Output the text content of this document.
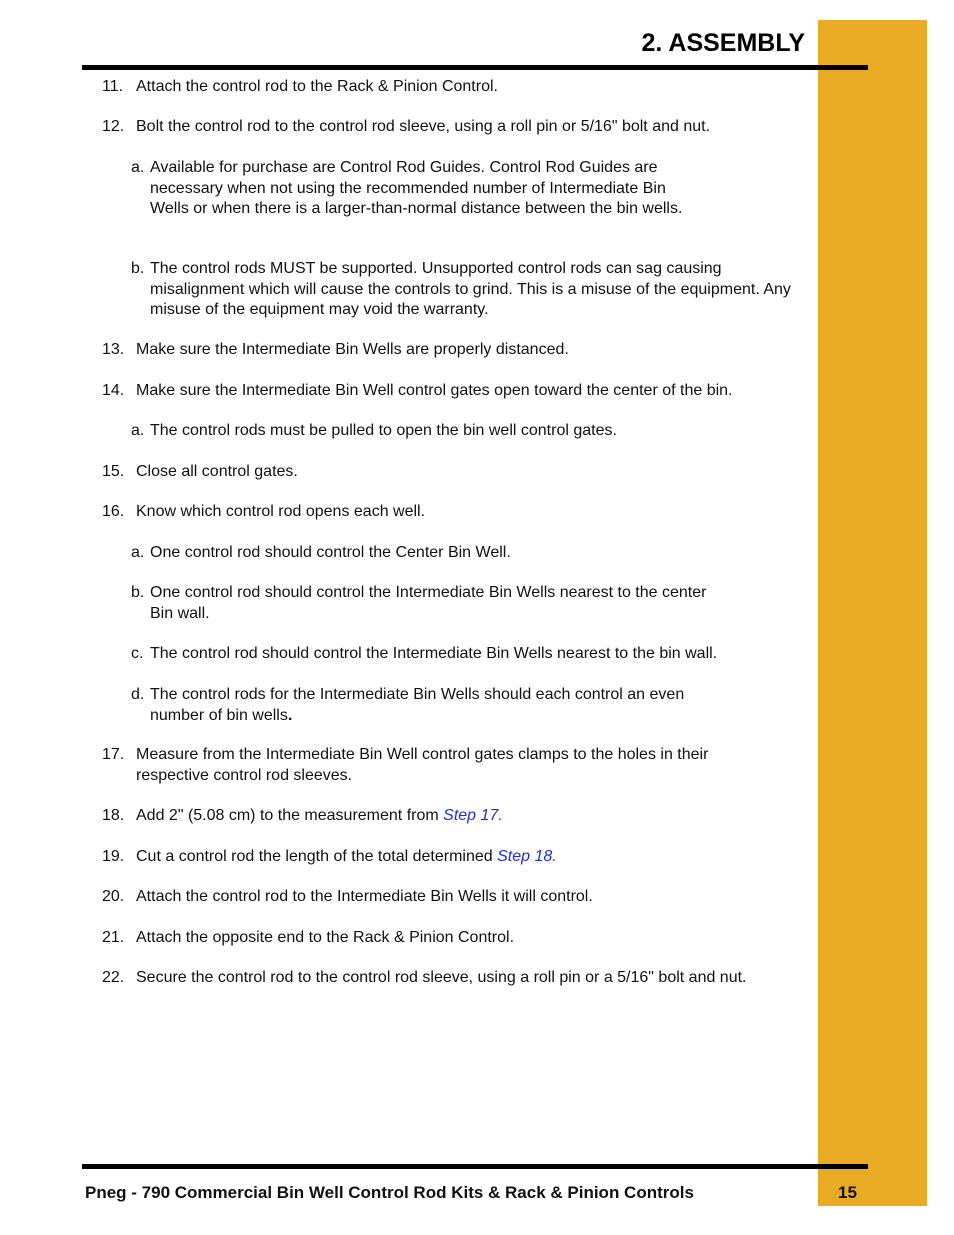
2. ASSEMBLY

11. Attach the control rod to the Rack & Pinion Control.

12. Bolt the control rod to the control rod sleeve, using a roll pin or 5/16" bolt and nut.

a. Available for purchase are Control Rod Guides. Control Rod Guides are necessary when not using the recommended number of Intermediate Bin Wells or when there is a larger-than-normal distance between the bin wells.

b. The control rods MUST be supported. Unsupported control rods can sag causing misalignment which will cause the controls to grind. This is a misuse of the equipment. Any misuse of the equipment may void the warranty.

13. Make sure the Intermediate Bin Wells are properly distanced.

14. Make sure the Intermediate Bin Well control gates open toward the center of the bin.

a. The control rods must be pulled to open the bin well control gates.

15. Close all control gates.

16. Know which control rod opens each well.

a. One control rod should control the Center Bin Well.

b. One control rod should control the Intermediate Bin Wells nearest to the center Bin wall.

c. The control rod should control the Intermediate Bin Wells nearest to the bin wall.

d. The control rods for the Intermediate Bin Wells should each control an even number of bin wells.

17. Measure from the Intermediate Bin Well control gates clamps to the holes in their respective control rod sleeves.

18. Add 2" (5.08 cm) to the measurement from Step 17.

19. Cut a control rod the length of the total determined Step 18.

20. Attach the control rod to the Intermediate Bin Wells it will control.

21. Attach the opposite end to the Rack & Pinion Control.

22. Secure the control rod to the control rod sleeve, using a roll pin or a 5/16" bolt and nut.

Pneg - 790 Commercial Bin Well Control Rod Kits & Rack & Pinion Controls	15
